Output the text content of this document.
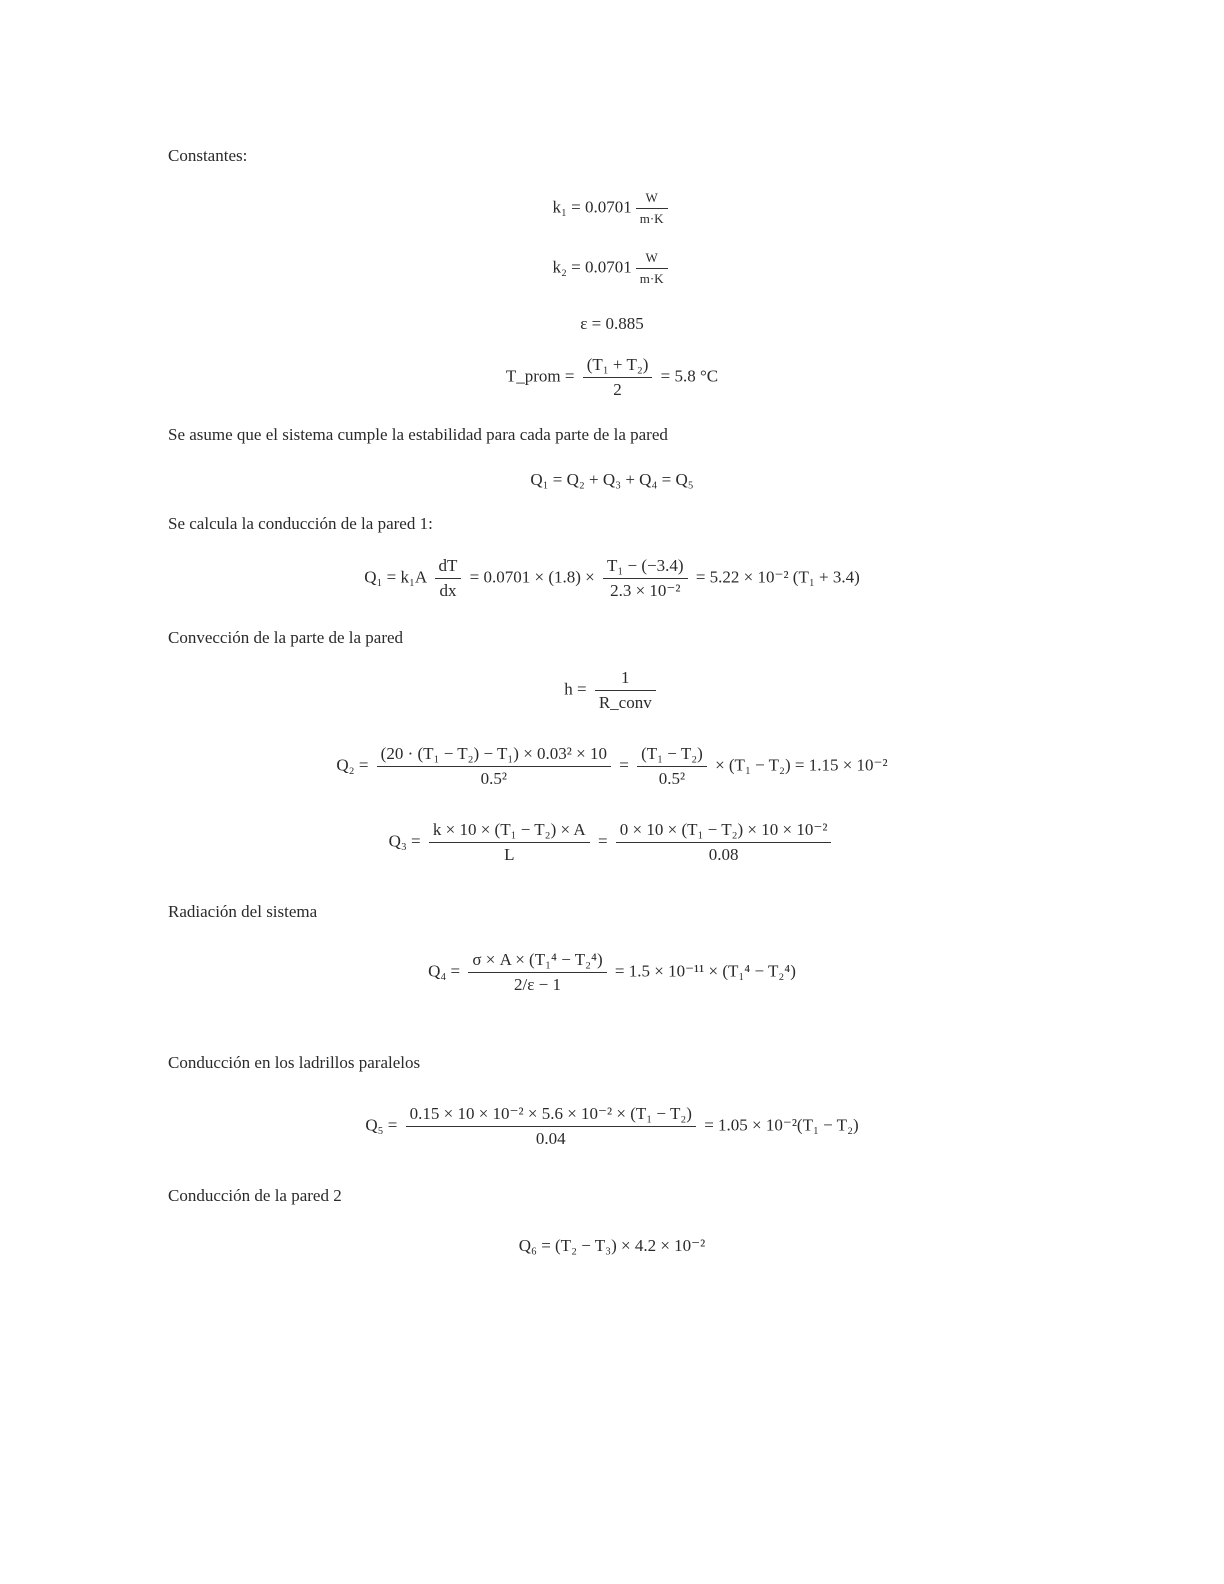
Constantes:
$k_1 = 0.0701 \frac{W}{m\cdot K}$
$k_2 = 0.0701 \frac{W}{m\cdot K}$
ε = 0.885
T_prom = $\frac{\text{(T₁ + T₂)}}{2} = 5.8$ °C
Se asume que el sistema cumple la estabilidad para cada parte de la pared
Q₁ = Q₂ + Q₃ + Q₄ = Q₅
Se calcula la conducción de la pared 1:
$Q_1 = k_1A \frac{dT}{dx} = 0.0701 \times (1.8) \times \frac{\text{T₁ − (−3.4)}}{\text{2.3 × 10⁻²}} = 5.22 \times 10^{-2}$ (T₁ + 3.4)
Convección de la parte de la pared
$h = \frac{1}{\text{R\_conv}}$
$Q_2 = \frac{\text{(20 · (T₁ − T₂) − T₁) × 0.03² × 10}}{\text{0.5²}} = \frac{\text{(T₁ − T₂)}}{\text{0.5²}} \times (T_1 - T_2) = 1.15 \times 10^{-2}$
$Q_3 = \frac{\text{k × 10 × (T₁ − T₂) × A}}{L} = \frac{\text{0 × 10 × (T₁ − T₂) × 10 × 10⁻²}}{0.08}$
Radiación del sistema
$Q_4 = \frac{\text{σ × A × (T₁⁴ − T₂⁴)}}{2/\varepsilon - 1} = 1.5 \times 10^{-11} \times (T_1^4 - T_2^4)$
Conducción en los ladrillos paralelos
$Q_5 = \frac{\text{0.15 × 10 × 10⁻² × 5.6 × 10⁻² × (T₁ − T₂)}}{0.04} = 1.05 \times 10^{-2}(T_1 - T_2)$
Conducción de la pared 2
Q₆ = (T₂ − T₃) × 4.2 × 10⁻²
